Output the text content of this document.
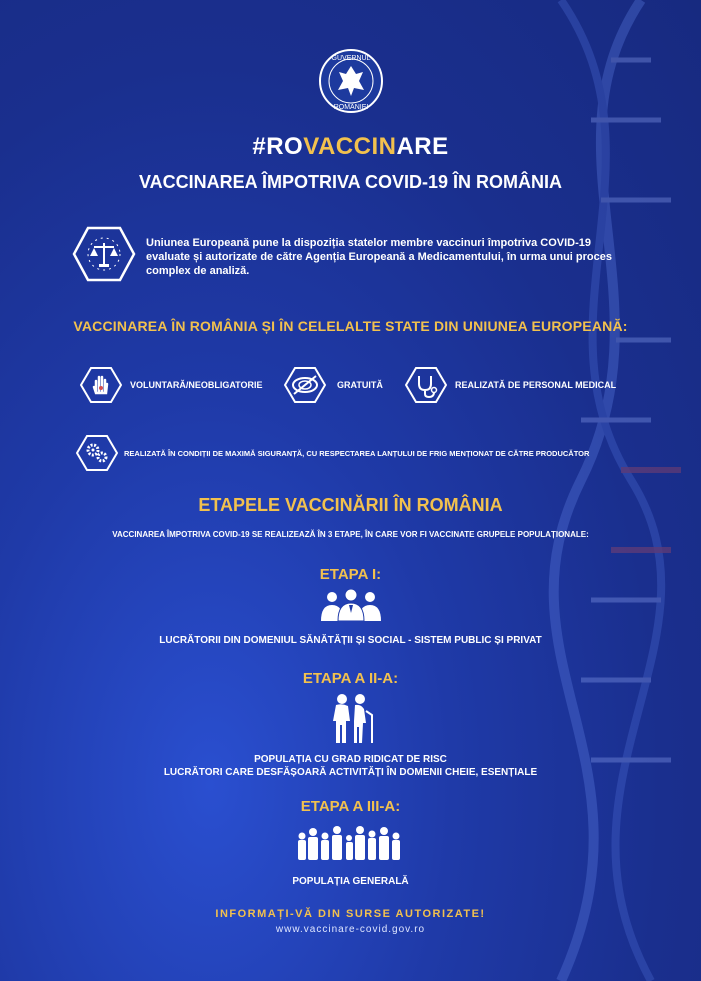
GUVERNUL
ROMÂNIEI
#ROVACCINARE
VACCINAREA ÎMPOTRIVA COVID-19 ÎN ROMÂNIA
Uniunea Europeană pune la dispoziția statelor membre vaccinuri împotriva COVID-19 evaluate și autorizate de către Agenția Europeană a Medicamentului, în urma unui proces complex de analiză.
VACCINAREA ÎN ROMÂNIA ȘI ÎN CELELALTE STATE DIN UNIUNEA EUROPEANĂ:
VOLUNTARĂ/NEOBLIGATORIE	GRATUITĂ	REALIZATĂ DE PERSONAL MEDICAL
REALIZATĂ ÎN CONDIȚII DE MAXIMĂ SIGURANȚĂ, CU RESPECTAREA LANȚULUI DE FRIG MENȚIONAT DE CĂTRE PRODUCĂTOR
ETAPELE VACCINĂRII ÎN ROMÂNIA
VACCINAREA ÎMPOTRIVA COVID-19 SE REALIZEAZĂ ÎN 3 ETAPE, ÎN CARE VOR FI VACCINATE GRUPELE POPULAȚIONALE:
ETAPA I:
LUCRĂTORII DIN DOMENIUL SĂNĂTĂȚII ȘI SOCIAL - SISTEM PUBLIC ȘI PRIVAT
ETAPA A II-A:
POPULAȚIA CU GRAD RIDICAT DE RISC
LUCRĂTORI CARE DESFĂȘOARĂ ACTIVITĂȚI ÎN DOMENII CHEIE, ESENȚIALE
ETAPA A III-A:
POPULAȚIA GENERALĂ
INFORMAȚI-VĂ DIN SURSE AUTORIZATE!
www.vaccinare-covid.gov.ro
